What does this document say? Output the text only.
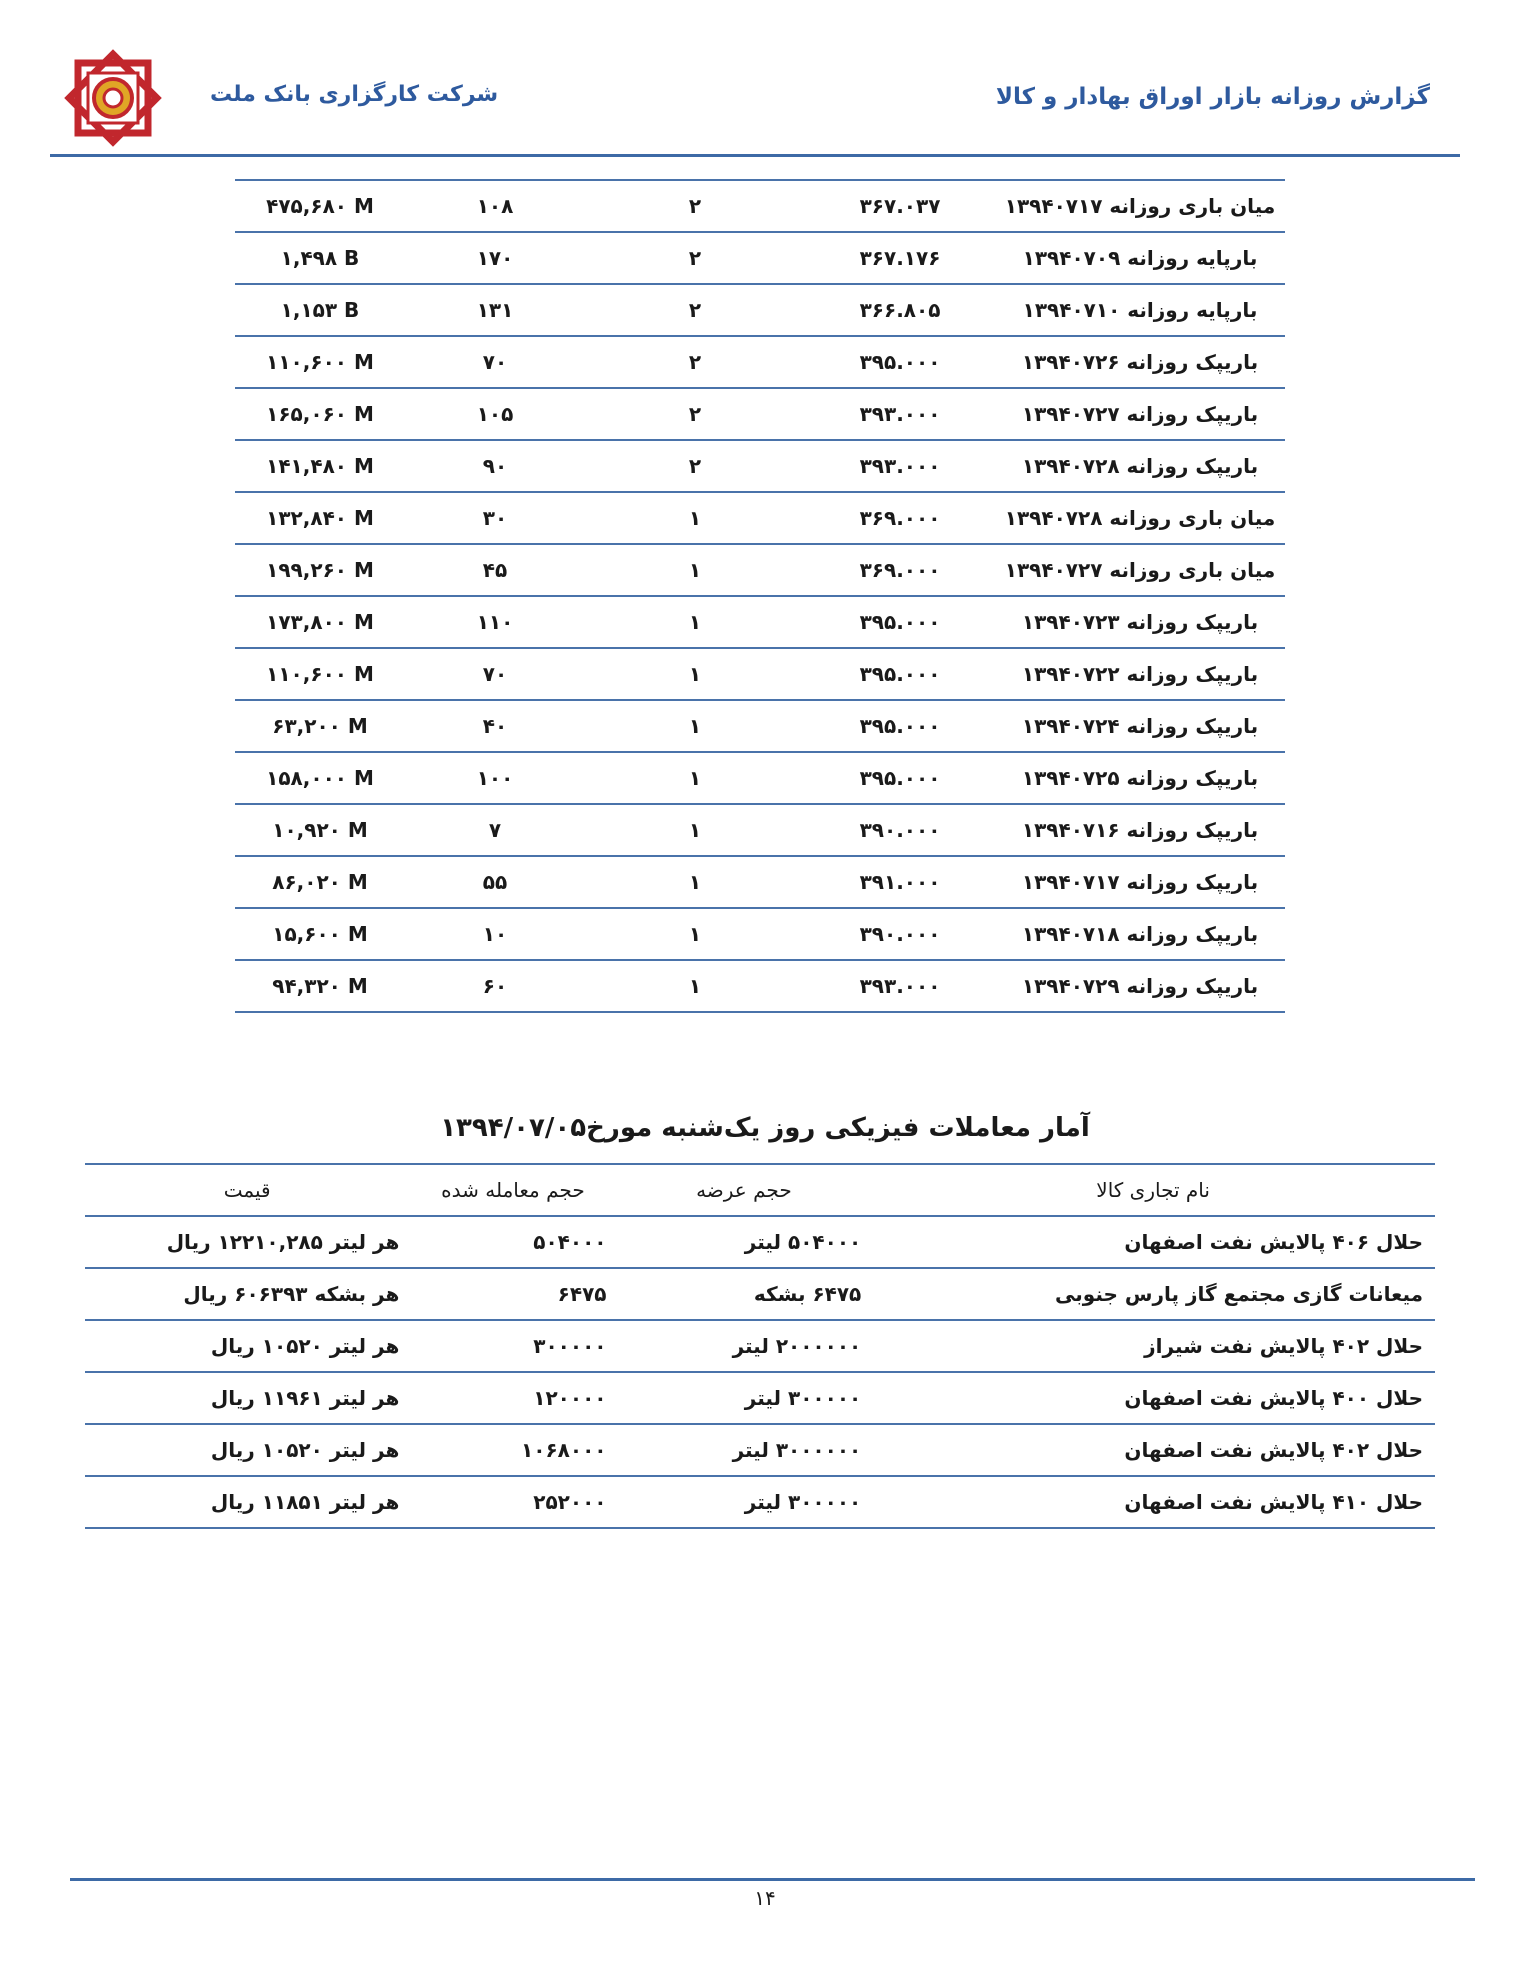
شرکت کارگزاری بانک ملت	گزارش روزانه بازار اوراق بهادار و کالا
میان باری روزانه ۱۳۹۴۰۷۱۷	۳۶۷.۰۳۷	۲	۱۰۸	۴۷۵,۶۸۰ M
بارپایه روزانه ۱۳۹۴۰۷۰۹	۳۶۷.۱۷۶	۲	۱۷۰	۱,۴۹۸ B
بارپایه روزانه ۱۳۹۴۰۷۱۰	۳۶۶.۸۰۵	۲	۱۳۱	۱,۱۵۳ B
باریپک روزانه ۱۳۹۴۰۷۲۶	۳۹۵.۰۰۰	۲	۷۰	۱۱۰,۶۰۰ M
باریپک روزانه ۱۳۹۴۰۷۲۷	۳۹۳.۰۰۰	۲	۱۰۵	۱۶۵,۰۶۰ M
باریپک روزانه ۱۳۹۴۰۷۲۸	۳۹۳.۰۰۰	۲	۹۰	۱۴۱,۴۸۰ M
میان باری روزانه ۱۳۹۴۰۷۲۸	۳۶۹.۰۰۰	۱	۳۰	۱۳۲,۸۴۰ M
میان باری روزانه ۱۳۹۴۰۷۲۷	۳۶۹.۰۰۰	۱	۴۵	۱۹۹,۲۶۰ M
باریپک روزانه ۱۳۹۴۰۷۲۳	۳۹۵.۰۰۰	۱	۱۱۰	۱۷۳,۸۰۰ M
باریپک روزانه ۱۳۹۴۰۷۲۲	۳۹۵.۰۰۰	۱	۷۰	۱۱۰,۶۰۰ M
باریپک روزانه ۱۳۹۴۰۷۲۴	۳۹۵.۰۰۰	۱	۴۰	۶۳,۲۰۰ M
باریپک روزانه ۱۳۹۴۰۷۲۵	۳۹۵.۰۰۰	۱	۱۰۰	۱۵۸,۰۰۰ M
باریپک روزانه ۱۳۹۴۰۷۱۶	۳۹۰.۰۰۰	۱	۷	۱۰,۹۲۰ M
باریپک روزانه ۱۳۹۴۰۷۱۷	۳۹۱.۰۰۰	۱	۵۵	۸۶,۰۲۰ M
باریپک روزانه ۱۳۹۴۰۷۱۸	۳۹۰.۰۰۰	۱	۱۰	۱۵,۶۰۰ M
باریپک روزانه ۱۳۹۴۰۷۲۹	۳۹۳.۰۰۰	۱	۶۰	۹۴,۳۲۰ M
آمار معاملات فیزیکی روز یک‌شنبه مورخ۱۳۹۴/۰۷/۰۵
نام تجاری کالا	حجم عرضه	حجم معامله شده	قیمت
حلال ۴۰۶ پالایش نفت اصفهان	۵۰۴۰۰۰ لیتر	۵۰۴۰۰۰	هر لیتر ۱۲۲۱۰,۲۸۵ ریال
میعانات گازی مجتمع گاز پارس جنوبی	۶۴۷۵ بشکه	۶۴۷۵	هر بشکه ۶۰۶۳۹۳ ریال
حلال ۴۰۲ پالایش نفت شیراز	۲۰۰۰۰۰۰ لیتر	۳۰۰۰۰۰	هر لیتر ۱۰۵۲۰ ریال
حلال ۴۰۰ پالایش نفت اصفهان	۳۰۰۰۰۰ لیتر	۱۲۰۰۰۰	هر لیتر ۱۱۹۶۱ ریال
حلال ۴۰۲ پالایش نفت اصفهان	۳۰۰۰۰۰۰ لیتر	۱۰۶۸۰۰۰	هر لیتر ۱۰۵۲۰ ریال
حلال ۴۱۰ پالایش نفت اصفهان	۳۰۰۰۰۰ لیتر	۲۵۲۰۰۰	هر لیتر ۱۱۸۵۱ ریال
۱۴
